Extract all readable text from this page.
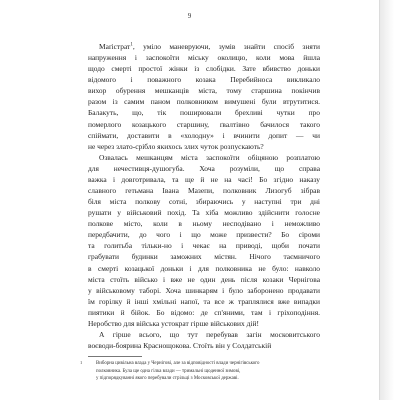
9
Маґістрат$^1$, умiло маневруючи, зумiв знайти спосiб зняти
напруження i заспокоїти мiську околицю, коли мова йшла
щодо смертi простої жiнки iз слобiдки. Зате вбивство доньки
вiдомого i поважного козака Перебийноса викликало
вихор обурення мешканцiв мiста, тому старшина покiнчив
разом iз самим паном полковником вимушенi були втрутитися.
Балакуть, що, тiк поширювали брехливi чутки про
померлого козацького старшину, ґвалтiвно бачилося такого
спiймати, доставити в «холодну» i вчинити допит — чи
не через злато-срiбло якихось злих чуток розпускають?
Озвалась мешканцям мiста заспокоїти обiцяною розплатою
для нечестивця-душогуба. Хоча розумiли, що справа
важка i довготривала, та ще й не на часi! Бо згiдно наказу
славного гетьмана Iвана Мазепи, полковник Лизогуб зiбрав
бiля мiста полкову сотнi, збираючись у наступнi три днi
рушати у вiйськовий похiд. Та хiба можливо здiйснити голосне
полкове мiсто, коли в ньому несподiвано i неможливо
передбачити, до чого i що може призвести? Бо сiроми
та голитьба тiльки-но i чекає на приводi, щоби почати
грабувати будинки заможних мiстян. Нiчого таємничого
в смертi козацької доньки i для полковника не було: навколо
мiста стоїть вiйсько i вже не один день пiсля козаки Чернiгова
у вiйськовому таборi. Хоча шинкарям i було заборонено продавати
їм горiлку й iншi хмiльнi напої, та все ж траплялися вже випадки
пиятики й бiйок. Бо вiдомо: де сп'яними, там i грiхоподiння.
Неробство для вiйська устократ гiрше вiйськових дiй!
А гiрше всього, що тут перебував загiн московитського
воєводи-боярина Краснощокова. Стоїть вiн у Солдатськiй
1	Виборна цивiльна влада у Чернiговi, але за вiдповiдностi влади чернiгiвського
полковника. Була ще одна гiлка влади — тримальнi щоденної зимовi,
у пiдпорядкуваннi якого перебували стрiльцi з Московської державi.
